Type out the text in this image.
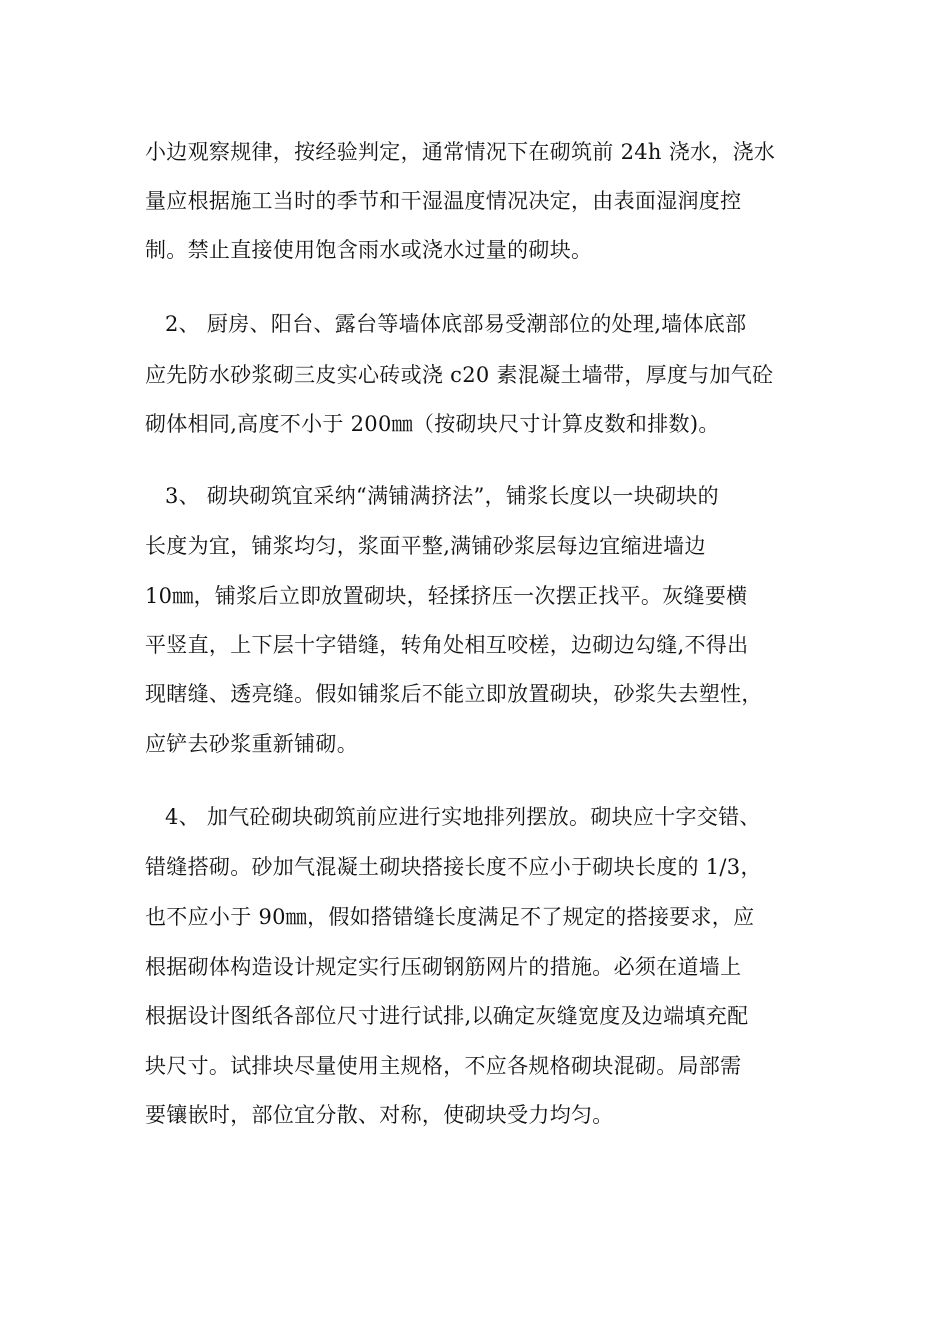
小边观察规律，按经验判定，通常情况下在砌筑前 24h 浇水，浇水
量应根据施工当时的季节和干湿温度情况决定，由表面湿润度控
制。禁止直接使用饱含雨水或浇水过量的砌块。
2、 厨房、阳台、露台等墙体底部易受潮部位的处理,墙体底部
应先防水砂浆砌三皮实心砖或浇 c20 素混凝土墙带，厚度与加气砼
砌体相同,高度不小于 200㎜（按砌块尺寸计算皮数和排数)。
3、 砌块砌筑宜采纳“满铺满挤法”，铺浆长度以一块砌块的
长度为宜，铺浆均匀，浆面平整,满铺砂浆层每边宜缩进墙边
10㎜，铺浆后立即放置砌块，轻揉挤压一次摆正找平。灰缝要横
平竖直，上下层十字错缝，转角处相互咬槎，边砌边勾缝,不得出
现瞎缝、透亮缝。假如铺浆后不能立即放置砌块，砂浆失去塑性，
应铲去砂浆重新铺砌。
4、 加气砼砌块砌筑前应进行实地排列摆放。砌块应十字交错、
错缝搭砌。砂加气混凝土砌块搭接长度不应小于砌块长度的 1/3，
也不应小于 90㎜，假如搭错缝长度满足不了规定的搭接要求，应
根据砌体构造设计规定实行压砌钢筋网片的措施。必须在道墙上
根据设计图纸各部位尺寸进行试排,以确定灰缝宽度及边端填充配
块尺寸。试排块尽量使用主规格，不应各规格砌块混砌。局部需
要镶嵌时，部位宜分散、对称，使砌块受力均匀。
